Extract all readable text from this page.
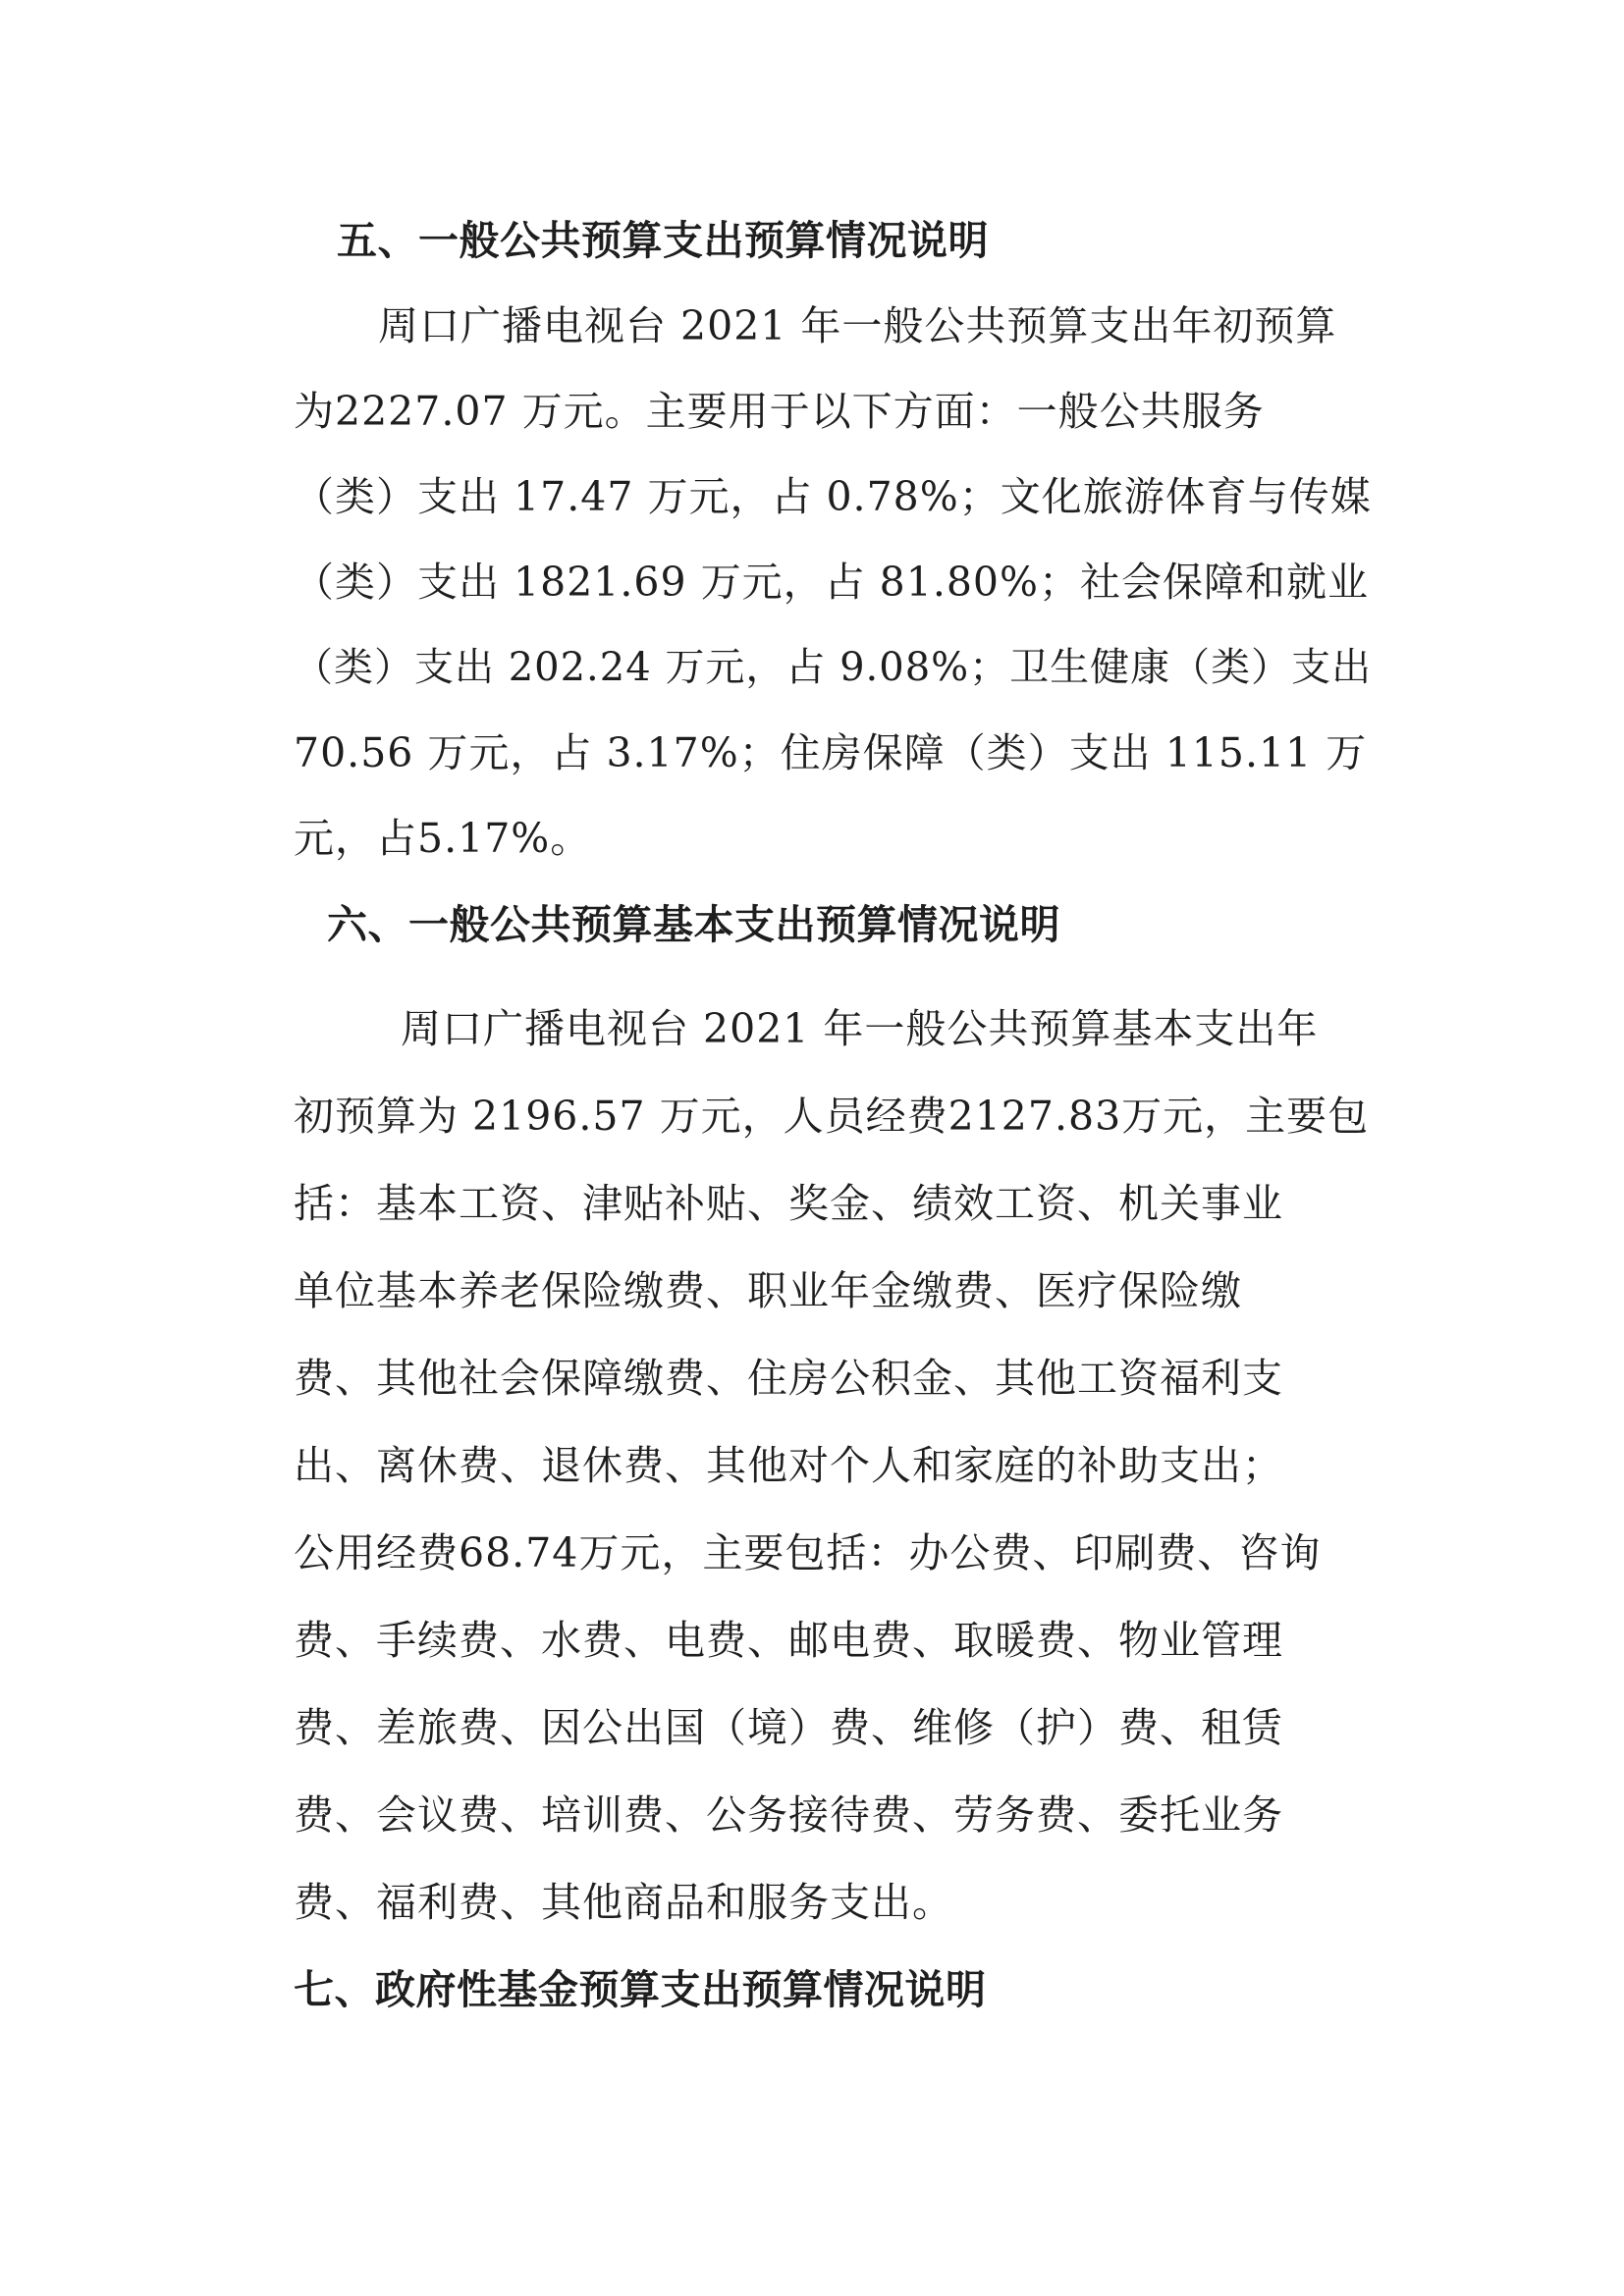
五、一般公共预算支出预算情况说明

周口广播电视台 2021 年一般公共预算支出年初预算

为2227.07 万元。主要用于以下方面：一般公共服务

（类）支出 17.47 万元，占 0.78%；文化旅游体育与传媒

（类）支出 1821.69 万元，占 81.80%；社会保障和就业

（类）支出 202.24 万元，占 9.08%；卫生健康（类）支出

70.56 万元，占 3.17%；住房保障（类）支出 115.11 万

元，占5.17%。

六、一般公共预算基本支出预算情况说明

周口广播电视台 2021 年一般公共预算基本支出年

初预算为 2196.57 万元，人员经费2127.83万元，主要包

括：基本工资、津贴补贴、奖金、绩效工资、机关事业

单位基本养老保险缴费、职业年金缴费、医疗保险缴

费、其他社会保障缴费、住房公积金、其他工资福利支

出、离休费、退休费、其他对个人和家庭的补助支出；

公用经费68.74万元，主要包括：办公费、印刷费、咨询

费、手续费、水费、电费、邮电费、取暖费、物业管理

费、差旅费、因公出国（境）费、维修（护）费、租赁

费、会议费、培训费、公务接待费、劳务费、委托业务

费、福利费、其他商品和服务支出。

七、政府性基金预算支出预算情况说明
